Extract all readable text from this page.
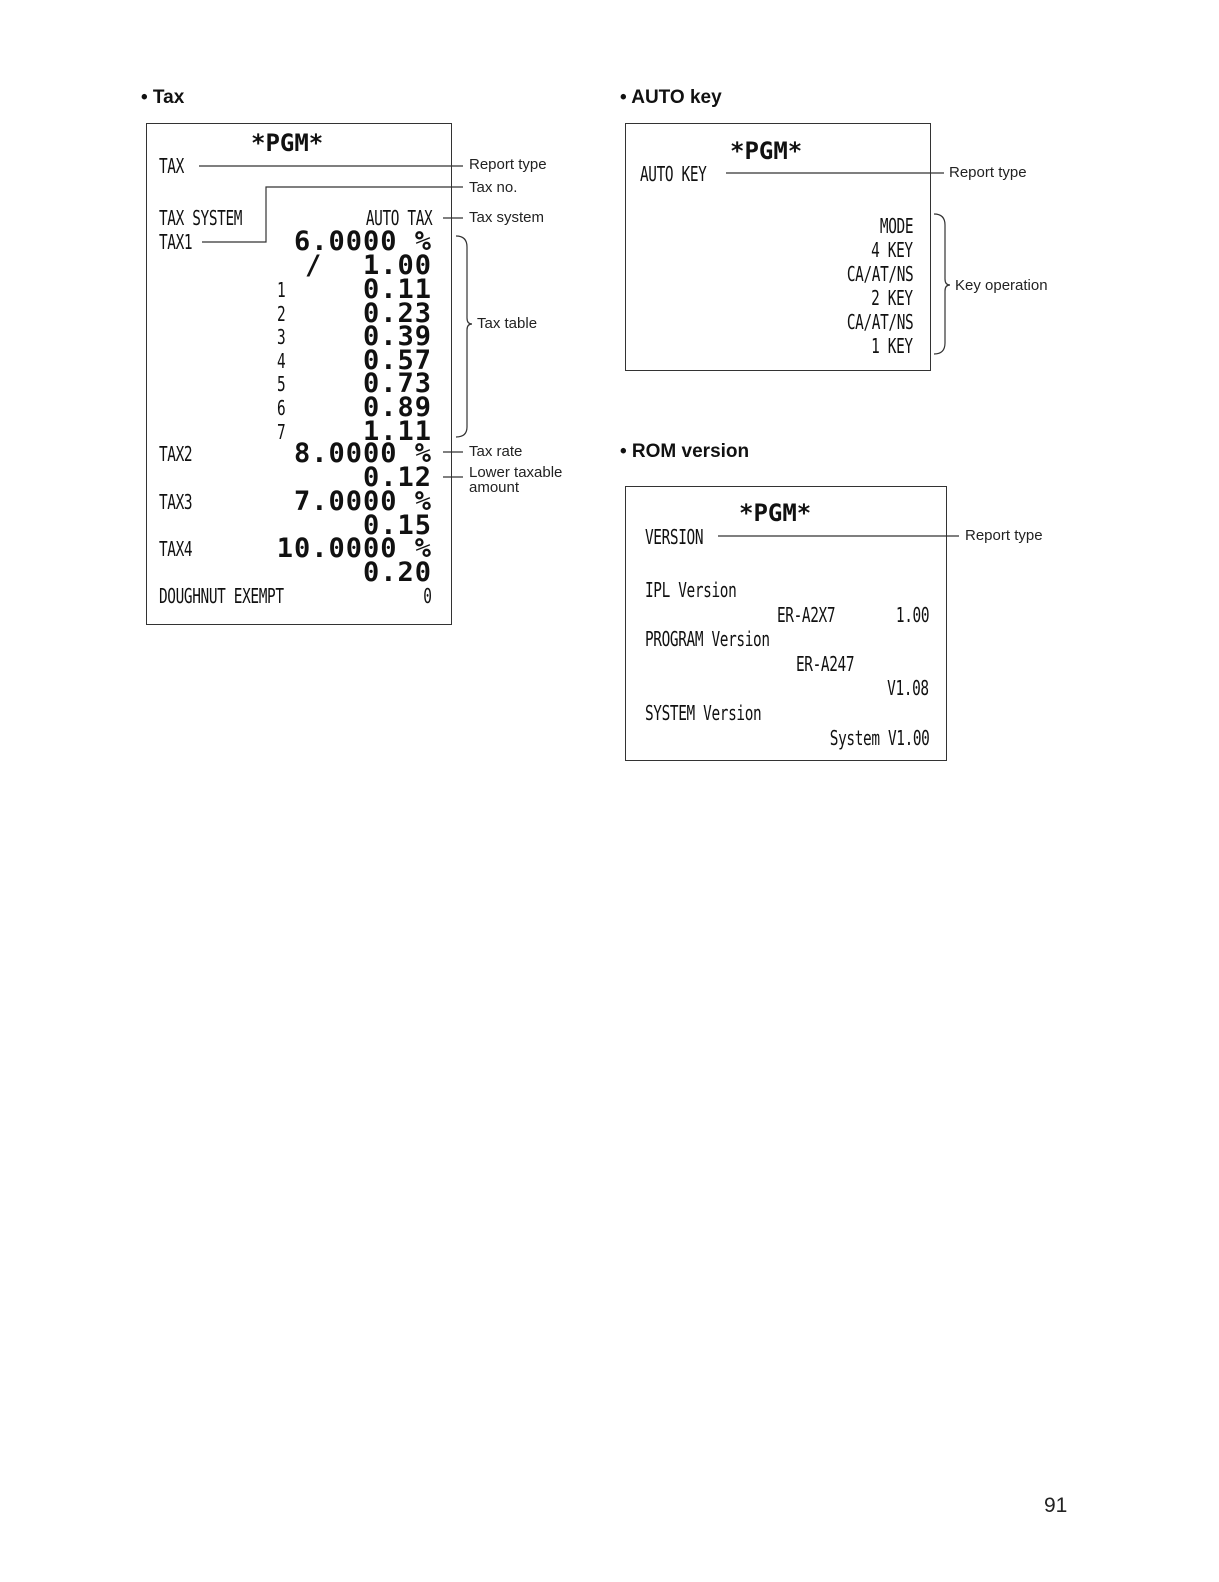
• Tax
*PGM*
TAX
TAX SYSTEM	AUTO TAX
TAX1	6.0000 %
/ 1.00
1	0.11
2	0.23
3	0.39
4	0.57
5	0.73
6	0.89
7	1.11
TAX2	8.0000 %
0.12
TAX3	7.0000 %
0.15
TAX4	10.0000 %
0.20
DOUGHNUT EXEMPT	0
Report type
Tax no.
Tax system
Tax table
Tax rate
Lower taxable
amount
• AUTO key
*PGM*
AUTO KEY
MODE
4 KEY
CA/AT/NS
2 KEY
CA/AT/NS
1 KEY
Report type
Key operation
• ROM version
*PGM*
VERSION
IPL Version
ER-A2X7	1.00
PROGRAM Version
ER-A247
V1.08
SYSTEM Version
System V1.00
Report type
91
